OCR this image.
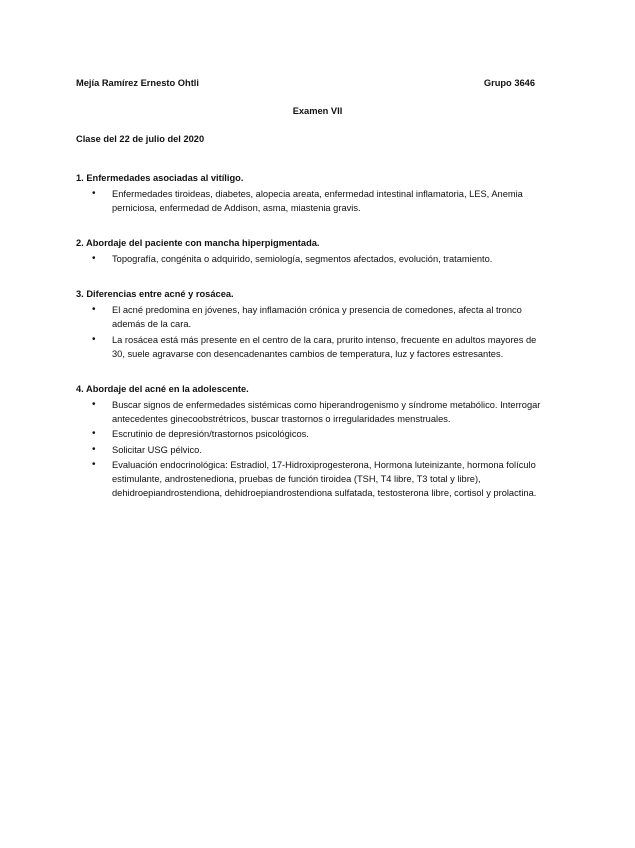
Mejía Ramírez Ernesto Ohtli	Grupo 3646
Examen VII
Clase del 22 de julio del 2020
1. Enfermedades asociadas al vitíligo.
• Enfermedades tiroideas, diabetes, alopecia areata, enfermedad intestinal inflamatoria, LES, Anemia perniciosa, enfermedad de Addison, asma, miastenia gravis.
2. Abordaje del paciente con mancha hiperpigmentada.
• Topografía, congénita o adquirido, semiología, segmentos afectados, evolución, tratamiento.
3. Diferencias entre acné y rosácea.
• El acné predomina en jóvenes, hay inflamación crónica y presencia de comedones, afecta al tronco además de la cara.
• La rosácea está más presente en el centro de la cara, prurito intenso, frecuente en adultos mayores de 30, suele agravarse con desencadenantes cambios de temperatura, luz y factores estresantes.
4. Abordaje del acné en la adolescente.
• Buscar signos de enfermedades sistémicas como hiperandrogenismo y síndrome metabólico. Interrogar antecedentes ginecoobstrétricos, buscar trastornos o irregularidades menstruales.
• Escrutinio de depresión/trastornos psicológicos.
• Solicitar USG pélvico.
• Evaluación endocrinológica: Estradiol, 17-Hidroxiprogesterona, Hormona luteinizante, hormona folículo estimulante, androstenediona, pruebas de función tiroidea (TSH, T4 libre, T3 total y libre), dehidroepiandrostendiona, dehidroepiandrostendiona sulfatada, testosterona libre, cortisol y prolactina.
